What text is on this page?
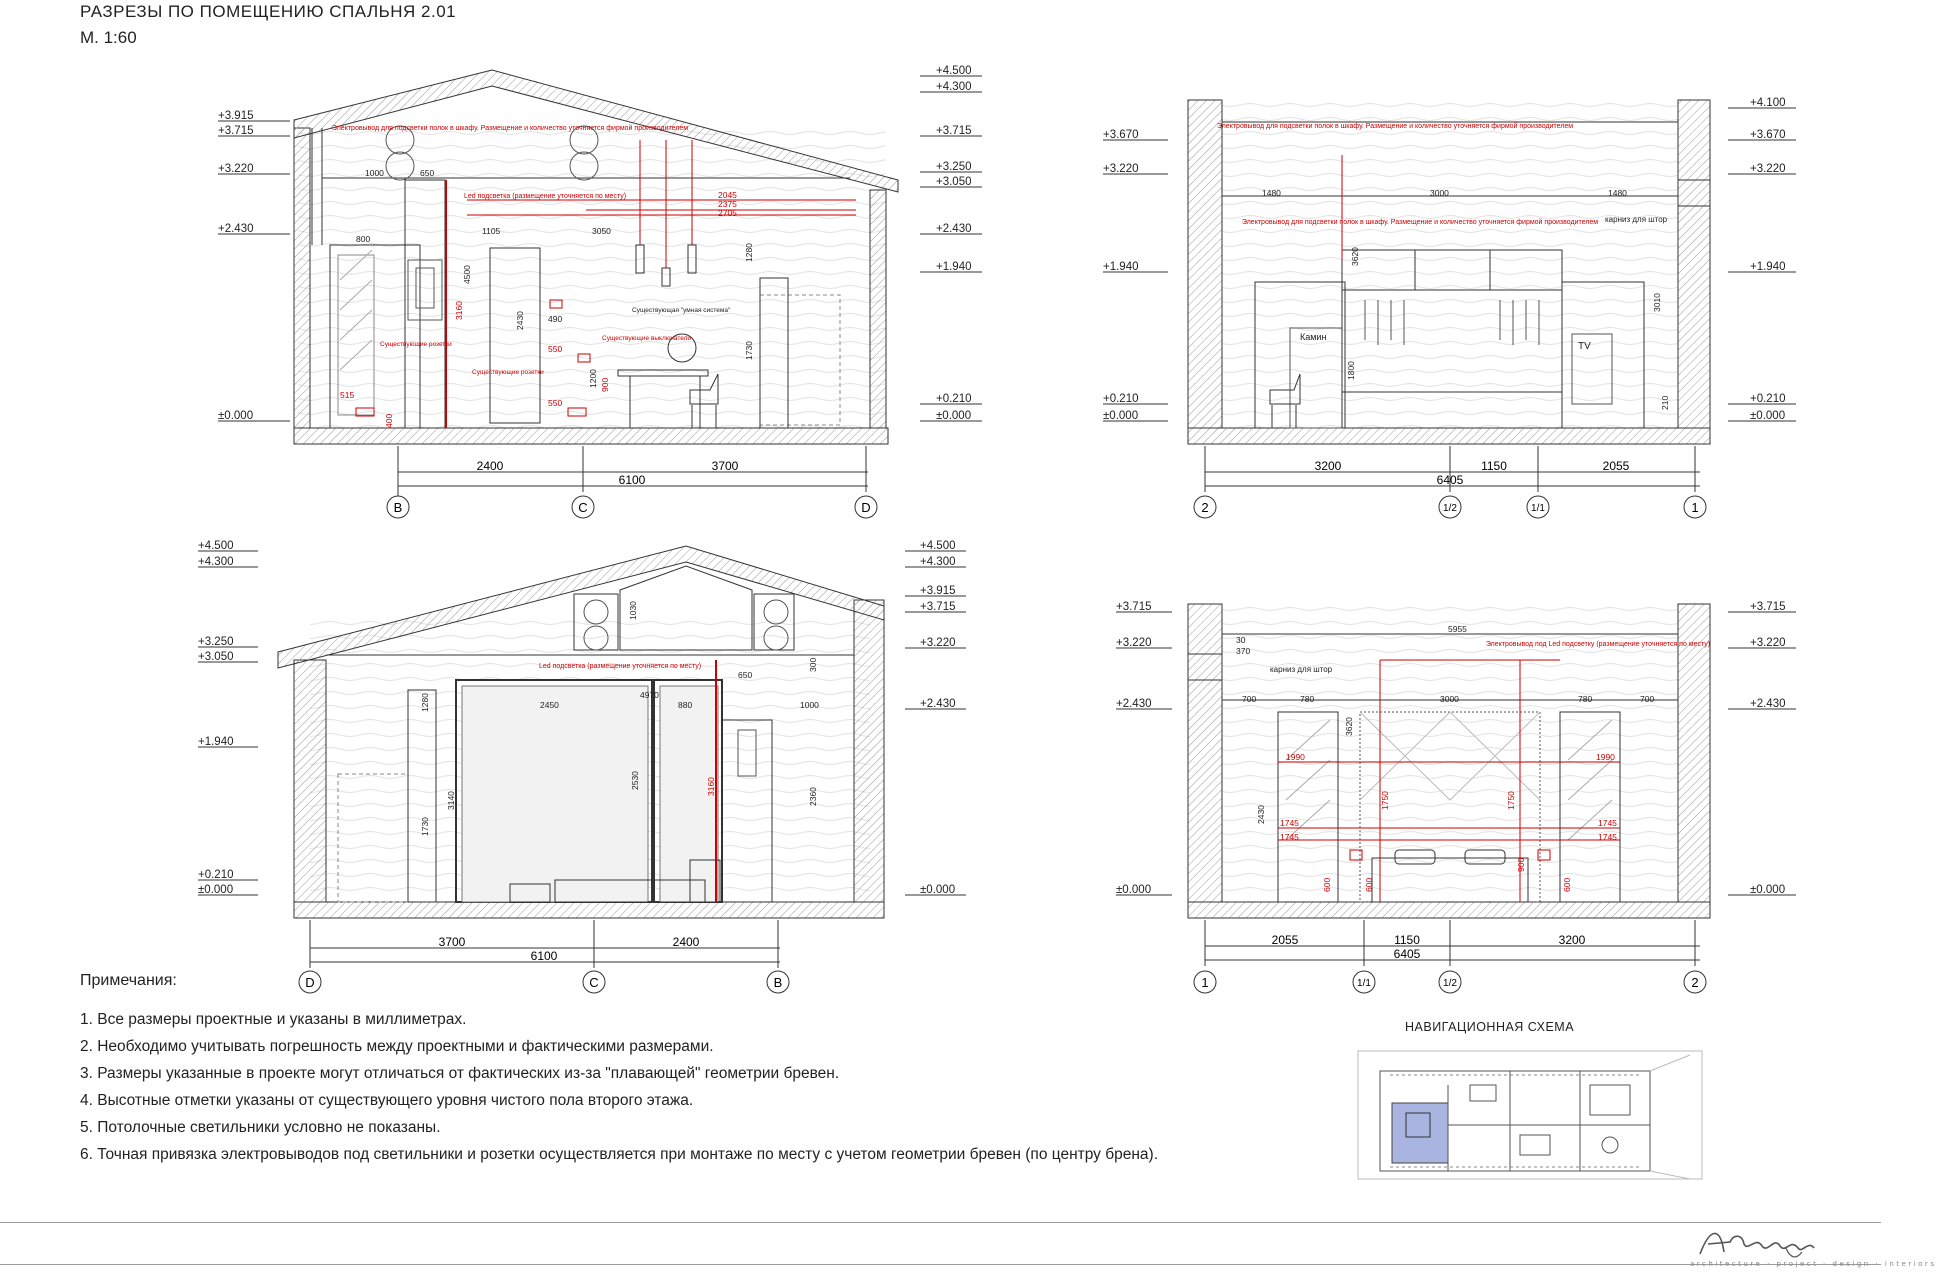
РАЗРЕЗЫ ПО ПОМЕЩЕНИЮ СПАЛЬНЯ 2.01
М. 1:60
Электровывод для подсветки полок в шкафу. Размещение и количество уточняется фирмой производителем
Led подсветка (размещение уточняется по месту)
Существующая "умная система"
Существующие выключатели
Существующие розетки
Существующие розетки
1000	650
1105	3050
800
4500
3160
2430
1730
1280
515
900
400
490
550
550
1200
2045
2375
2705
+3.915
+3.715
+3.220
+2.430
±0.000
+4.500
+4.300
+3.715
+3.250
+3.050
+2.430
+1.940
+0.210
±0.000
2400	3700
6100
B	C	D
Электровывод для подсветки полок в шкафу. Размещение и количество уточняется фирмой производителем
Электровывод для подсветки полок в шкафу. Размещение и количество уточняется фирмой производителем
Камин
TV
карниз для штор
1480	3000	1480
3620
3010
1800
210
+3.670
+3.220
+1.940
+0.210
±0.000
+4.100
+3.670
+3.220
+1.940
+0.210
±0.000
3200	1150	2055
6405
2	1/2	1/1	1
Led подсветка (размещение уточняется по месту)
1030
4970
2450	880
650
1000
1280
3140
1730
2530	3160
2360
300
+4.500
+4.300
+3.250
+3.050
+1.940
+0.210
±0.000
+4.500
+4.300
+3.915
+3.715
+3.220
+2.430
±0.000
3700	2400
6100
D	C	B
Электровывод под Led подсветку (размещение уточняется по месту)
карниз для штор
5955
30
370
700	780	3000	780	700
1990	1990
1745
1745
1745
1745
3620
2430
1750	1750
600	600	600
900
+3.715
+3.220
+2.430
±0.000
+3.715
+3.220
+2.430
±0.000
2055	1150	3200
6405
1	1/1	1/2	2
Примечания:
1. Все размеры проектные и указаны в миллиметрах.
2. Необходимо учитывать погрешность между проектными и фактическими размерами.
3. Размеры указанные в проекте могут отличаться от фактических из-за "плавающей" геометрии бревен.
4. Высотные отметки указаны от существующего уровня чистого пола второго этажа.
5. Потолочные светильники условно не показаны.
6. Точная привязка электровыводов под светильники и розетки осуществляется при монтаже по месту с учетом геометрии бревен (по центру брена).
НАВИГАЦИОННАЯ СХЕМА
architecture · project · design · interiors
